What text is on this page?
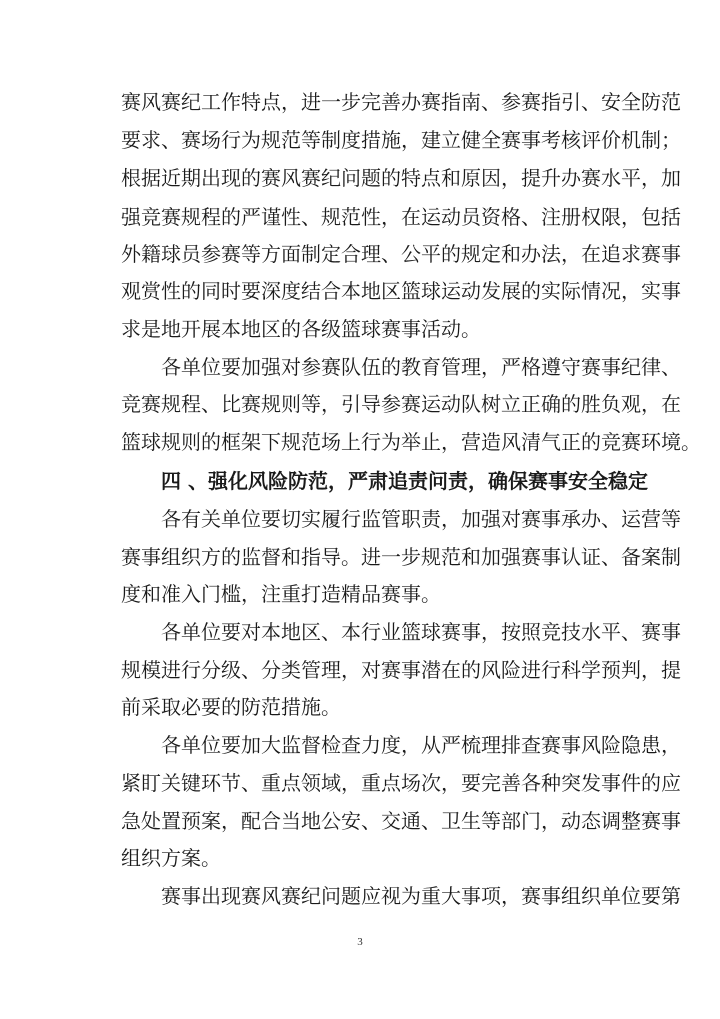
赛风赛纪工作特点，进一步完善办赛指南、参赛指引、安全防范
要求、赛场行为规范等制度措施，建立健全赛事考核评价机制；
根据近期出现的赛风赛纪问题的特点和原因，提升办赛水平，加
强竞赛规程的严谨性、规范性，在运动员资格、注册权限，包括
外籍球员参赛等方面制定合理、公平的规定和办法，在追求赛事
观赏性的同时要深度结合本地区篮球运动发展的实际情况，实事
求是地开展本地区的各级篮球赛事活动。
各单位要加强对参赛队伍的教育管理，严格遵守赛事纪律、
竞赛规程、比赛规则等，引导参赛运动队树立正确的胜负观，在
篮球规则的框架下规范场上行为举止，营造风清气正的竞赛环境。
四 、强化风险防范，严肃追责问责，确保赛事安全稳定
各有关单位要切实履行监管职责，加强对赛事承办、运营等
赛事组织方的监督和指导。进一步规范和加强赛事认证、备案制
度和准入门槛，注重打造精品赛事。
各单位要对本地区、本行业篮球赛事，按照竞技水平、赛事
规模进行分级、分类管理，对赛事潜在的风险进行科学预判，提
前采取必要的防范措施。
各单位要加大监督检查力度，从严梳理排查赛事风险隐患，
紧盯关键环节、重点领域，重点场次，要完善各种突发事件的应
急处置预案，配合当地公安、交通、卫生等部门，动态调整赛事
组织方案。
赛事出现赛风赛纪问题应视为重大事项，赛事组织单位要第
3
